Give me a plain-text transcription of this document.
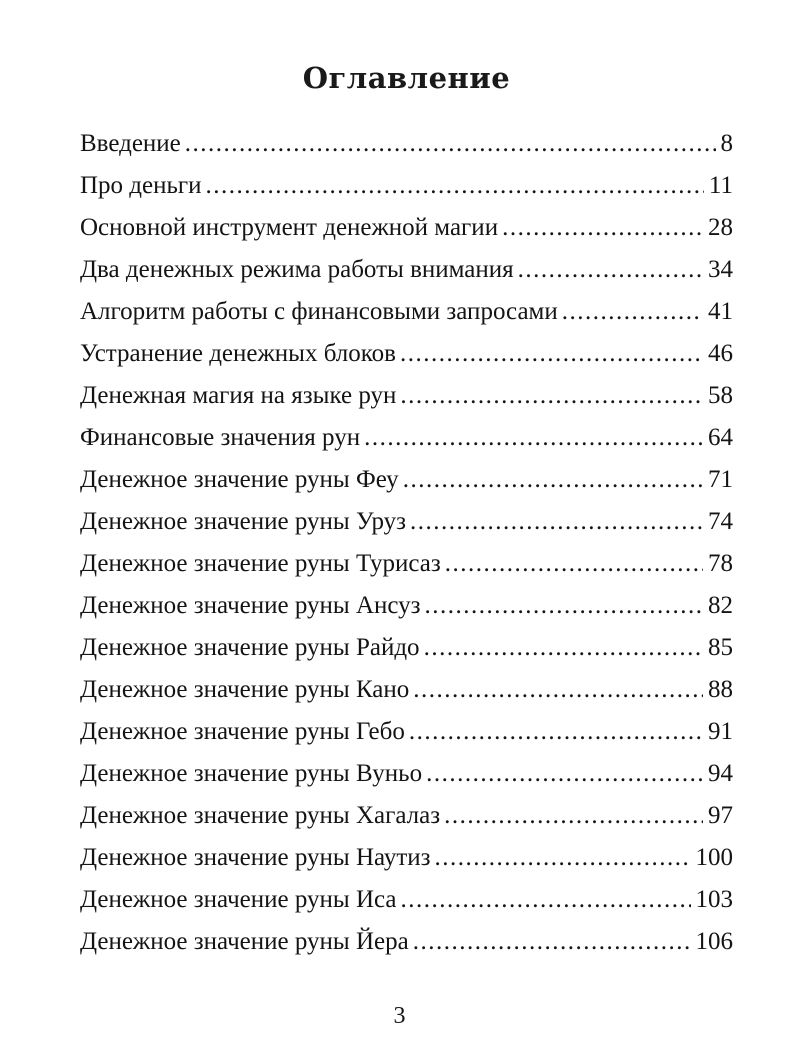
Оглавление
Введение .....	8
Про деньги .....	11
Основной инструмент денежной магии .....	28
Два денежных режима работы внимания .....	34
Алгоритм работы с финансовыми запросами .....	41
Устранение денежных блоков .....	46
Денежная магия на языке рун .....	58
Финансовые значения рун .....	64
Денежное значение руны Феу .....	71
Денежное значение руны Уруз .....	74
Денежное значение руны Турисаз .....	78
Денежное значение руны Ансуз .....	82
Денежное значение руны Райдо .....	85
Денежное значение руны Кано .....	88
Денежное значение руны Гебо .....	91
Денежное значение руны Вуньо .....	94
Денежное значение руны Хагалаз .....	97
Денежное значение руны Наутиз .....	100
Денежное значение руны Иса .....	103
Денежное значение руны Йера .....	106
3
